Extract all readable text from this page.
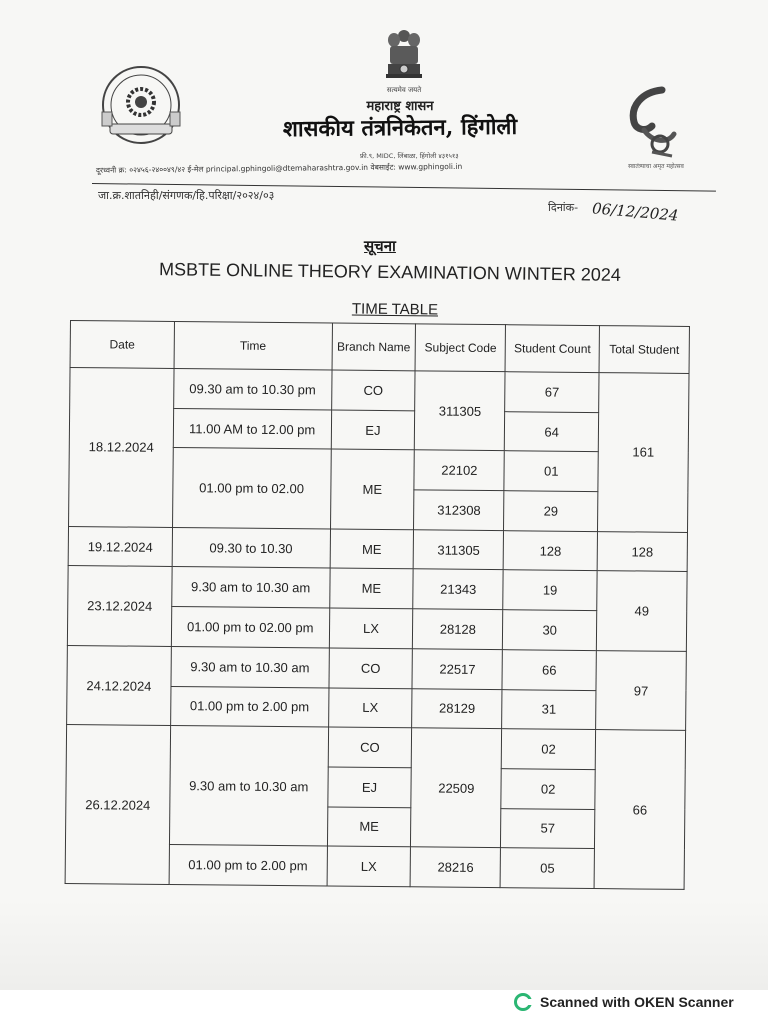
सत्यमेव जयते
स्वातंत्र्याचा अमृत महोत्सव
महाराष्ट्र शासन
शासकीय तंत्रनिकेतन, हिंगोली
फ्री.९, MIDC, लिंबाळा, हिंगोली ४३१५१३
दूरध्वनी क्र: ०२४५६-२४००४९/४२ ई-मेल principal.gphingoli@dtemaharashtra.gov.in वेबसाईट: www.gphingoli.in
जा.क्र.शातनिही/संगणक/हि.परिक्षा/२०२४/०३
दिनांक- 06/12/2024
सूचना
MSBTE ONLINE THEORY EXAMINATION WINTER 2024
TIME TABLE
Date	Time	Branch Name	Subject Code	Student Count	Total Student
18.12.2024	09.30 am to 10.30 pm	CO	311305	67	161
	11.00 AM to 12.00 pm	EJ		64	
	01.00 pm to 02.00	ME	22102	01	
			312308	29	
19.12.2024	09.30 to 10.30	ME	311305	128	128
23.12.2024	9.30 am to 10.30 am	ME	21343	19	49
	01.00 pm to 02.00 pm	LX	28128	30	
24.12.2024	9.30 am to 10.30 am	CO	22517	66	97
	01.00 pm to 2.00 pm	LX	28129	31	
26.12.2024	9.30 am to 10.30 am	CO	22509	02	66
		EJ		02	
		ME		57	
	01.00 pm to 2.00 pm	LX	28216	05	
Scanned with OKEN Scanner
